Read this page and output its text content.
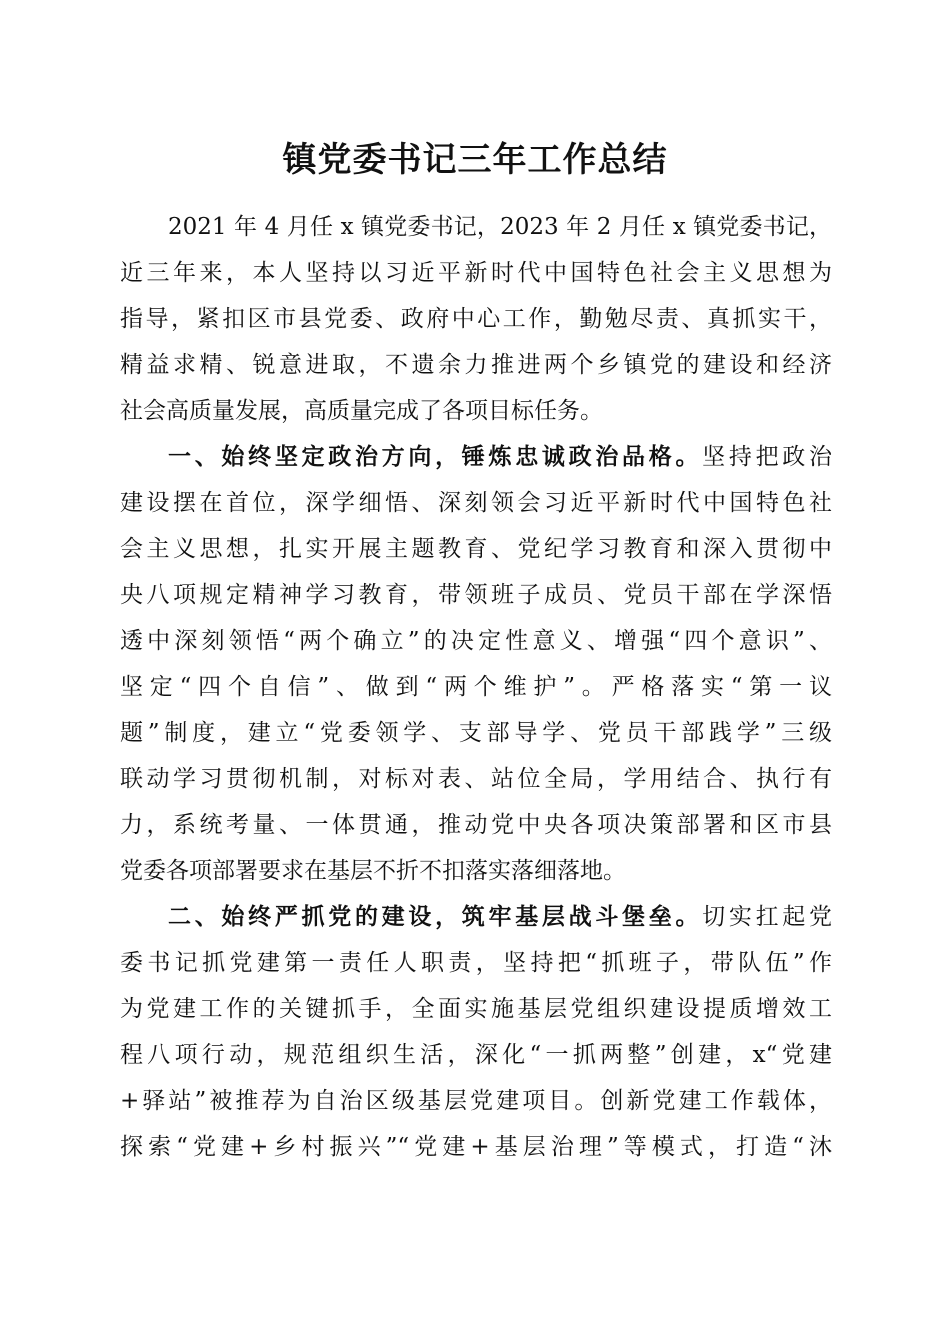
镇党委书记三年工作总结
2021 年 4 月任 x 镇党委书记，2023 年 2 月任 x 镇党委书记，
近三年来，本人坚持以习近平新时代中国特色社会主义思想为
指导，紧扣区市县党委、政府中心工作，勤勉尽责、真抓实干，
精益求精、锐意进取，不遗余力推进两个乡镇党的建设和经济
社会高质量发展，高质量完成了各项目标任务。
一、始终坚定政治方向，锤炼忠诚政治品格。坚持把政治
建设摆在首位，深学细悟、深刻领会习近平新时代中国特色社
会主义思想，扎实开展主题教育、党纪学习教育和深入贯彻中
央八项规定精神学习教育，带领班子成员、党员干部在学深悟
透中深刻领悟“两个确立”的决定性意义、增强“四个意识”、
坚定“四个自信”、做到“两个维护”。严格落实“第一议
题”制度，建立“党委领学、支部导学、党员干部践学”三级
联动学习贯彻机制，对标对表、站位全局，学用结合、执行有
力，系统考量、一体贯通，推动党中央各项决策部署和区市县
党委各项部署要求在基层不折不扣落实落细落地。
二、始终严抓党的建设，筑牢基层战斗堡垒。切实扛起党
委书记抓党建第一责任人职责，坚持把“抓班子，带队伍”作
为党建工作的关键抓手，全面实施基层党组织建设提质增效工
程八项行动，规范组织生活，深化“一抓两整”创建，x“党建
+驿站”被推荐为自治区级基层党建项目。创新党建工作载体，
探索“党建+乡村振兴”“党建+基层治理”等模式，打造“沐
